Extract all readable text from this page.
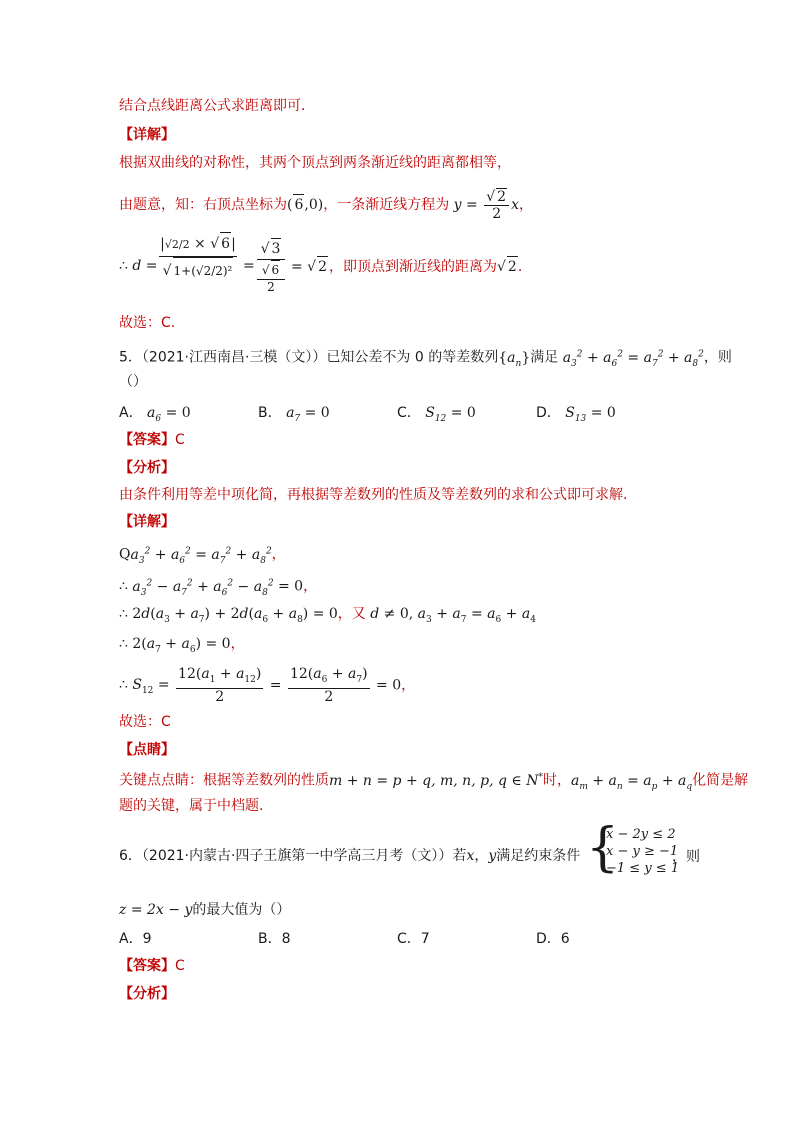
结合点线距离公式求距离即可.
【详解】
根据双曲线的对称性，其两个顶点到两条渐近线的距离都相等，
由题意，知：右顶点坐标为( 6,0)，一条渐近线方程为 $y = \frac{√ 2}{2}$ x，
∴ d =
|√2/2 × √ 6|
√ 1+(√2/2)² =
√ 3
√ 6
2
= √ 2 ，即顶点到渐近线的距离为√ 2.
故选：C.
5．（2021·江西南昌·三模（文））已知公差不为 0 的等差数列$\{a_n\}$满足 $a_3^2 + a_6^2 = a_7^2 + a_8^2$，则
（）
A． $a_6 = 0$	B． $a_7 = 0$	C． $S_{12} = 0$	D． $S_{13} = 0$
【答案】C
【分析】
由条件利用等差中项化简，再根据等差数列的性质及等差数列的求和公式即可求解.
【详解】
$Qa_3^2 + a_6^2 = a_7^2 + a_8^2$，
∴ $a_3^2 - a_7^2 + a_6^2 - a_8^2 = 0$，
∴ $2d(a_3 + a_7) + 2d(a_6 + a_8) = 0$，又 d ≠ 0, $a_3 + a_7 = a_6 + a_4$
∴ $2(a_7 + a_6) = 0$，
∴ $S_{12} = \frac{12(a_1 + a_{12})}{2} = \frac{12(a_6 + a_7)}{2} = 0$，
故选：C
【点睛】
关键点点睛：根据等差数列的性质m + n = p + q, m, n, p, q ∈ N*时，$a_m + a_n = a_p + a_q$化简是解
题的关键，属于中档题.
6．（2021·内蒙古·四子王旗第一中学高三月考（文））若x，y满足约束条件 {
x − 2y ≤ 2
x − y ≥ −1
−1 ≤ y ≤ 1
，则
z = 2x − y的最大值为（）
A．9	B．8	C．7	D．6
【答案】C
【分析】
